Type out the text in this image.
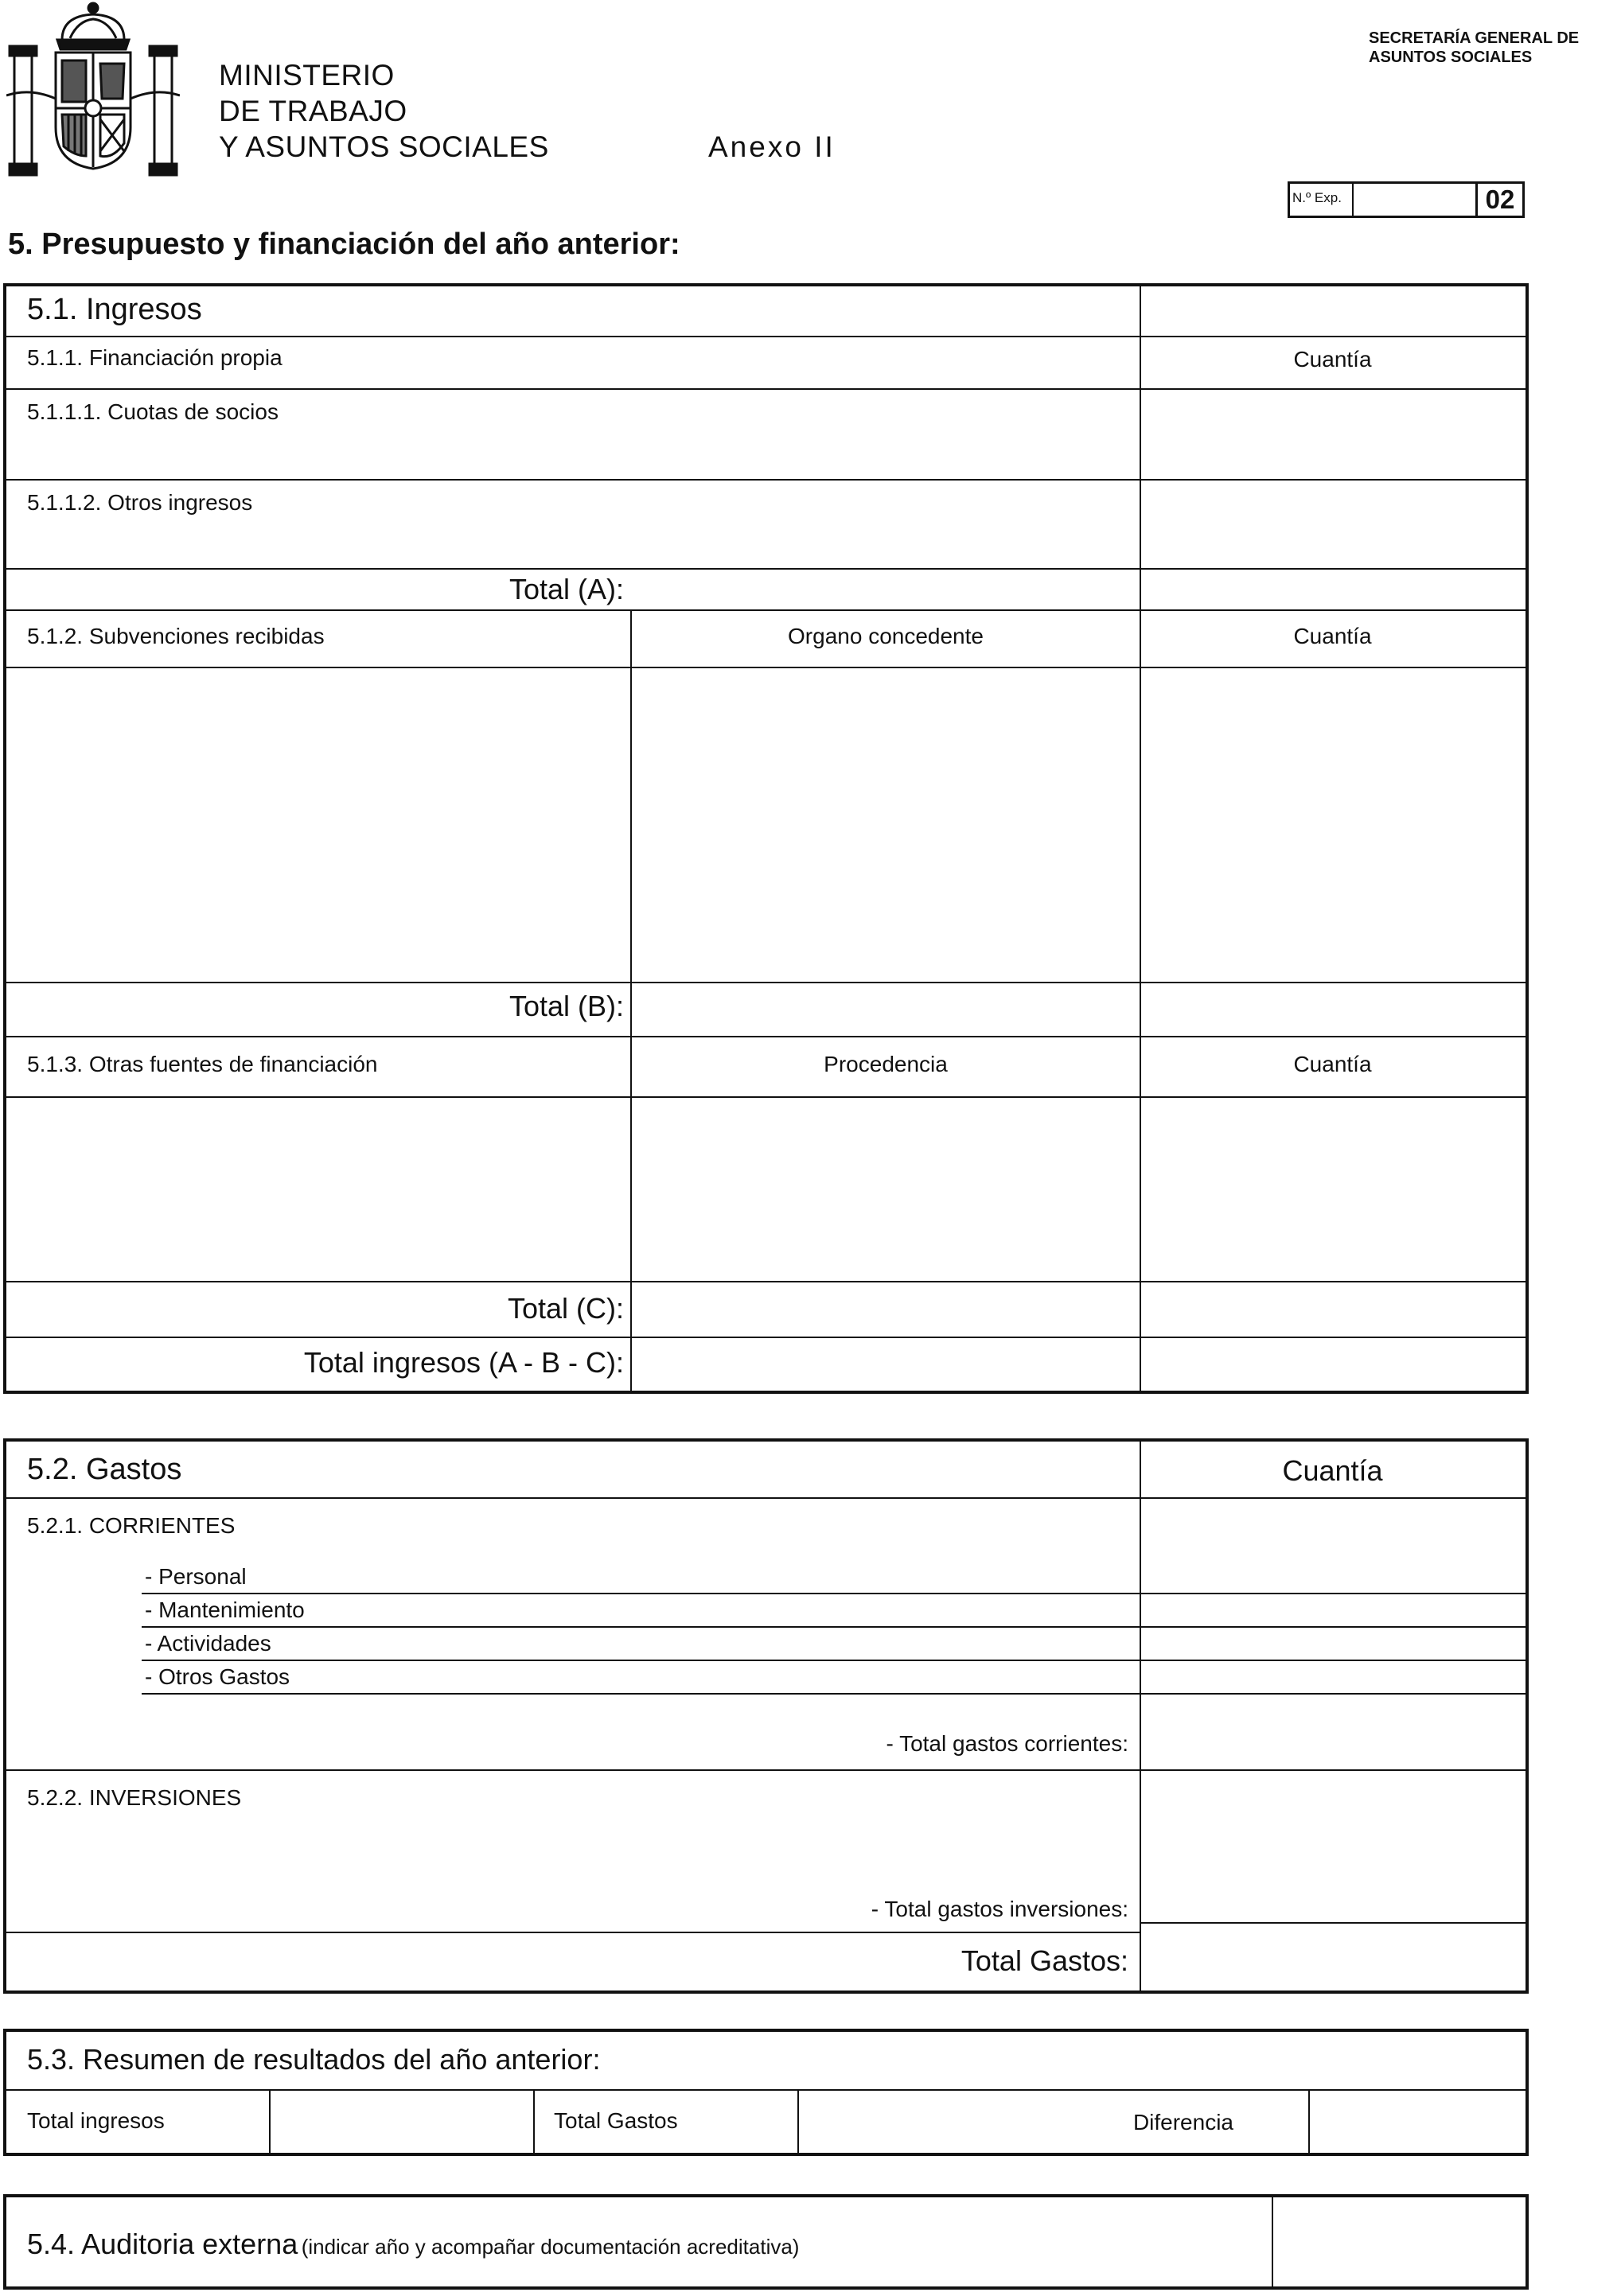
MINISTERIO
DE TRABAJO
Y ASUNTOS SOCIALES	Anexo II
SECRETARÍA GENERAL DE
ASUNTOS SOCIALES
N.º Exp.	02
5. Presupuesto y financiación del año anterior:
5.1. Ingresos
5.1.1. Financiación propia	Cuantía
5.1.1.1. Cuotas de socios
5.1.1.2. Otros ingresos
Total (A):
5.1.2. Subvenciones recibidas	Organo concedente	Cuantía
Total (B):
5.1.3. Otras fuentes de financiación	Procedencia	Cuantía
Total (C):
Total ingresos (A - B - C):
5.2. Gastos	Cuantía
5.2.1. CORRIENTES
- Personal
- Mantenimiento
- Actividades
- Otros Gastos
- Total gastos corrientes:
5.2.2. INVERSIONES
- Total gastos inversiones:
Total Gastos:
5.3. Resumen de resultados del año anterior:
Total ingresos	Total Gastos	Diferencia
5.4. Auditoria externa (indicar año y acompañar documentación acreditativa)
